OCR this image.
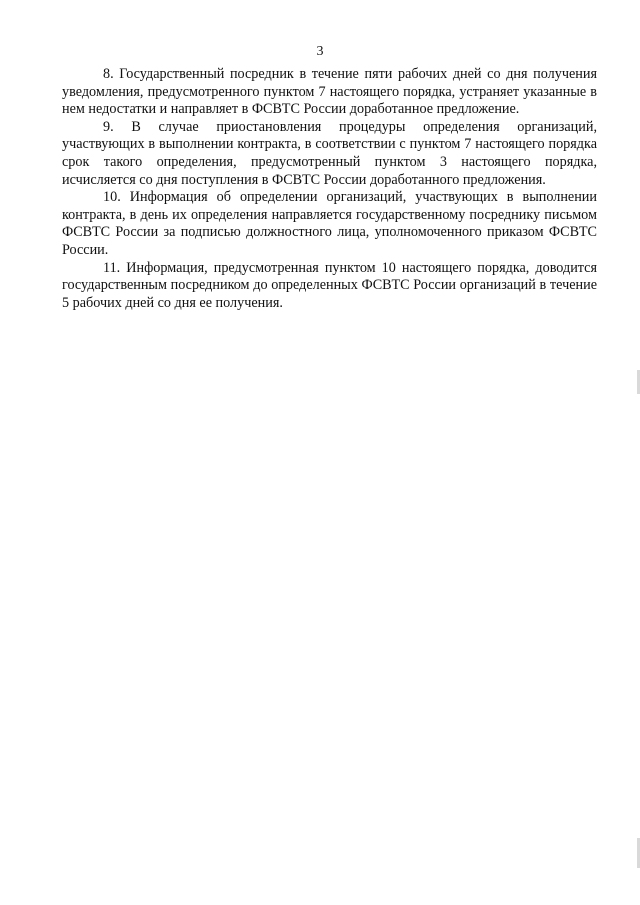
3

8. Государственный посредник в течение пяти рабочих дней со дня получения уведомления, предусмотренного пунктом 7 настоящего порядка, устраняет указанные в нем недостатки и направляет в ФСВТС России доработанное предложение.

9. В случае приостановления процедуры определения организаций, участвующих в выполнении контракта, в соответствии с пунктом 7 настоящего порядка срок такого определения, предусмотренный пунктом 3 настоящего порядка, исчисляется со дня поступления в ФСВТС России доработанного предложения.

10. Информация об определении организаций, участвующих в выполнении контракта, в день их определения направляется государственному посреднику письмом ФСВТС России за подписью должностного лица, уполномоченного приказом ФСВТС России.

11. Информация, предусмотренная пунктом 10 настоящего порядка, доводится государственным посредником до определенных ФСВТС России организаций в течение 5 рабочих дней со дня ее получения.
